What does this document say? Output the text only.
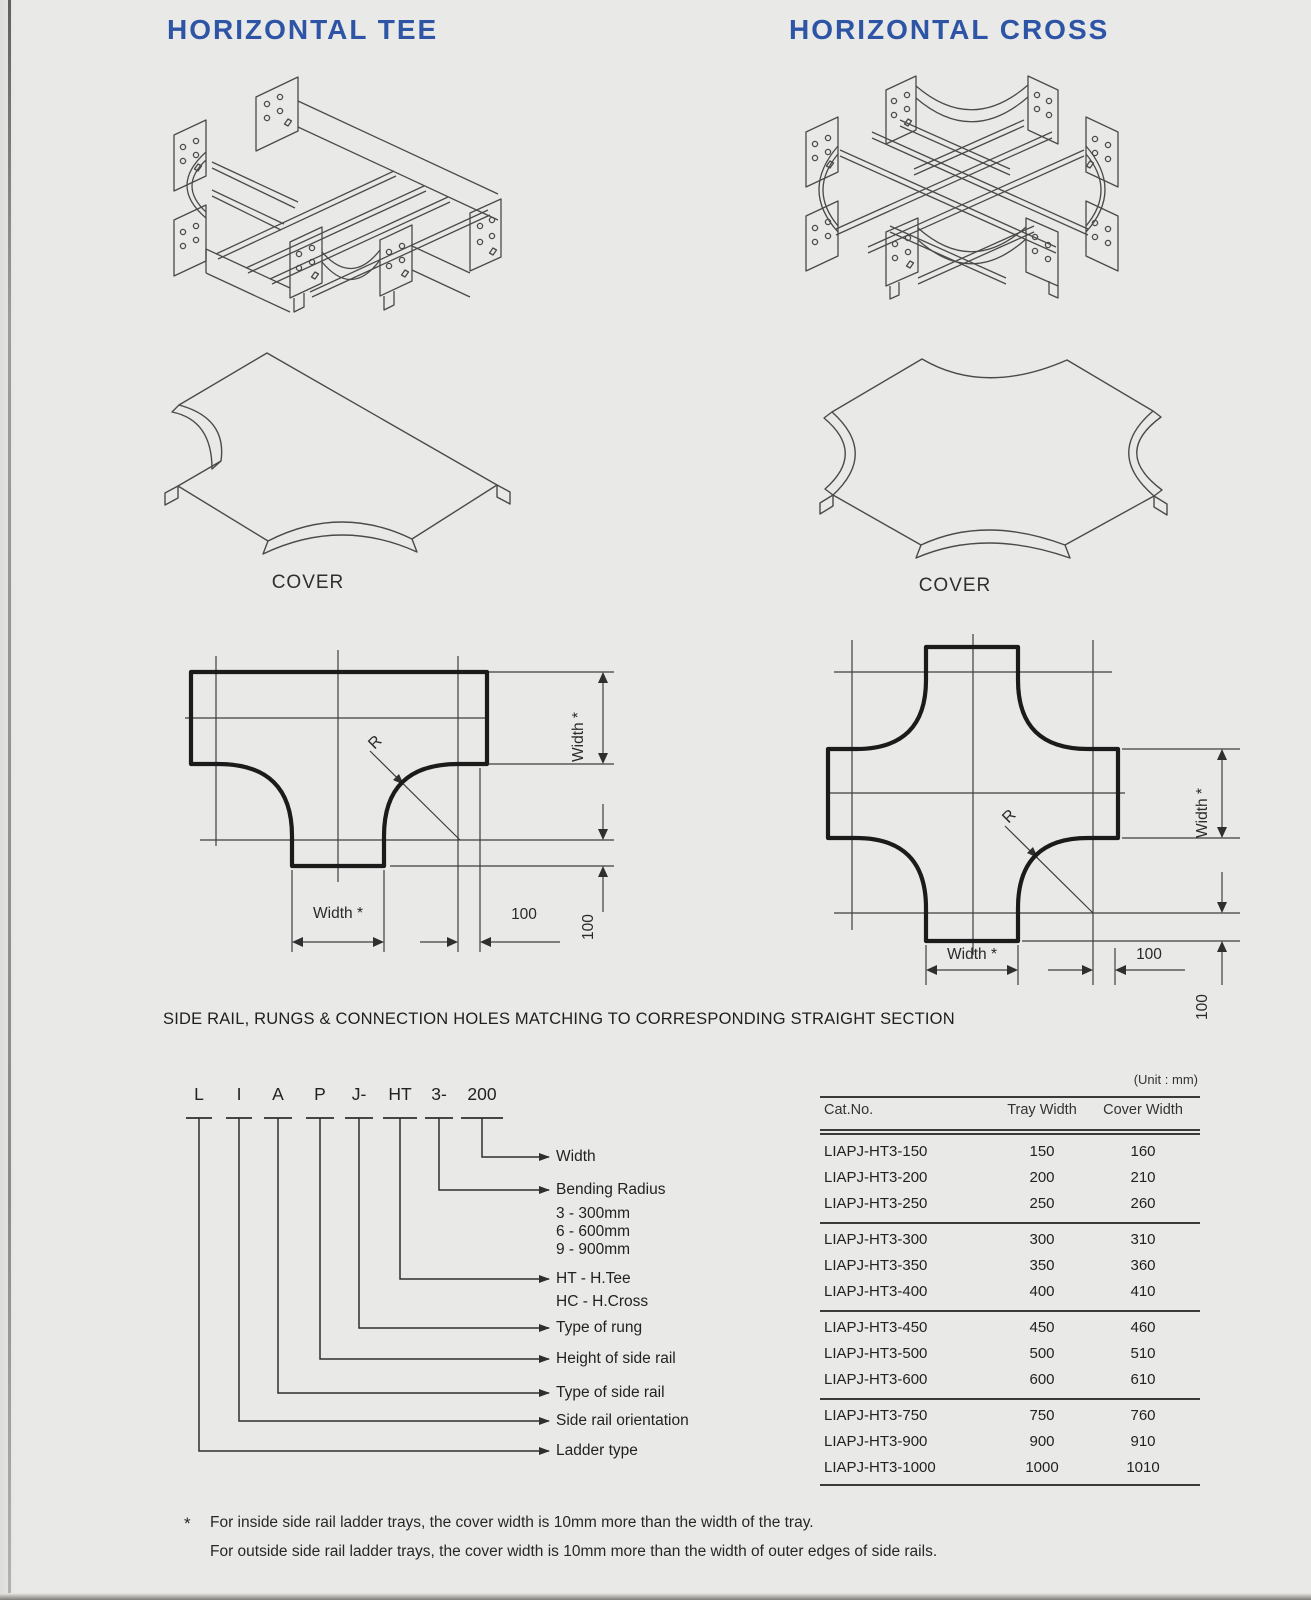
HORIZONTAL TEE	HORIZONTAL CROSS
COVER	COVER
R	Width *
100
Width *	100
R	Width *
100
Width *	100
SIDE RAIL, RUNGS & CONNECTION HOLES MATCHING TO CORRESPONDING STRAIGHT SECTION
L	I	A P J- HT 3-	200
Width
Bending Radius
3 - 300mm
6 - 600mm
9 - 900mm
HT - H.Tee
HC - H.Cross
Type of rung
Height of side rail
Type of side rail
Side rail orientation
Ladder type
(Unit : mm)
Cat.No.	Tray Width	Cover Width
LIAPJ-HT3-150	150	160
LIAPJ-HT3-200	200	210
LIAPJ-HT3-250	250	260
LIAPJ-HT3-300	300	310
LIAPJ-HT3-350	350	360
LIAPJ-HT3-400	400	410
LIAPJ-HT3-450	450	460
LIAPJ-HT3-500	500	510
LIAPJ-HT3-600	600	610
LIAPJ-HT3-750	750	760
LIAPJ-HT3-900	900	910
LIAPJ-HT3-1000	1000	1010
* For inside side rail ladder trays, the cover width is 10mm more than the width of the tray.
For outside side rail ladder trays, the cover width is 10mm more than the width of outer edges of side rails.
